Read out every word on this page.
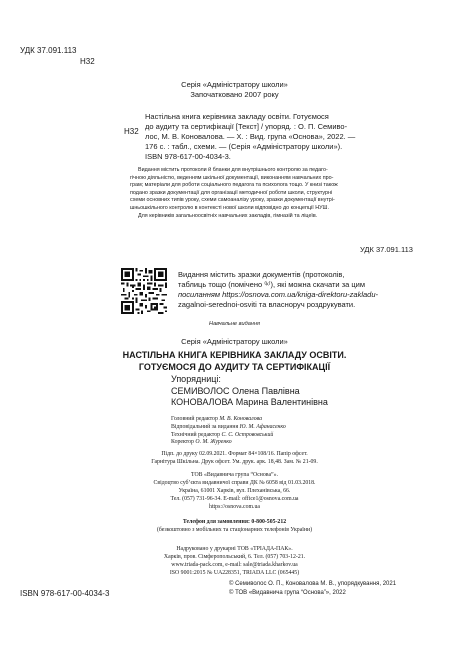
УДК 37.091.113
Н32
Серія «Адміністратору школи»
Започатковано 2007 року
Н32
Настільна книга керівника закладу освіти. Готуємося
до аудиту та сертифікації [Текст] / упоряд. : О. П. Семиво-
лос, М. В. Коновалова. — Х. : Вид. група «Основа», 2022. —
176 с. : табл., схеми. — (Серія «Адміністратору школи»).
ISBN 978-617-00-4034-3.
Видання містить протоколи й бланки для внутрішнього контролю за педаго-
гічною діяльністю, веденням шкільної документації, виконанням навчальних про-
грам; матеріали для роботи соціального педагога та психолога тощо. У книзі також
подано зразки документації для організації методичної роботи школи, структурні
схеми основних типів уроку, схеми самоаналізу уроку, зразки документації внутрі-
шньошкільного контролю в контексті нової школи відповідно до концепції НУШ.
Для керівників загальноосвітніх навчальних закладів, гімназій та ліцеїв.
УДК 37.091.113
Видання містить зразки документів (протоколів,
таблиць тощо (помічено ⁽ᵏ⁾), які можна скачати за цим
посиланням https://osnova.com.ua/kniga-direktoru-zakladu-
zagalnoi-serednoi-osviti та власноруч роздрукувати.
Навчальне видання
Серія «Адміністратору школи»
НАСТІЛЬНА КНИГА КЕРІВНИКА ЗАКЛАДУ ОСВІТИ.
ГОТУЄМОСЯ ДО АУДИТУ ТА СЕРТИФІКАЦІЇ
Упорядниці:
СЕМИВОЛОС Олена Павлівна
КОНОВАЛОВА Марина Валентинівна
Головний редактор М. В. Коновалова
Відповідальний за видання Ю. М. Афанасенко
Технічний редактор С. С. Острововський
Коректор О. М. Журенко
Підп. до друку 02.09.2021. Формат 84×108/16. Папір офсет.
Гарнітура Шкільна. Друк офсет. Ум. друк. арк. 18,48. Зам. № 21-09.
ТОВ «Видавнича група “Основа”».
Свідоцтво суб’єкта видавничої справи ДК № 6058 від 01.03.2018.
Україна, 61001 Харків, вул. Плеханівська, 66.
Тел. (057) 731-96-34. E-mail: office1@osnova.com.ua
https://osnova.com.ua
Телефон для замовлення: 0-800-505-212
(безкоштовно з мобільних та стаціонарних телефонів України)
Надруковано у друкарні ТОВ «ТРІАДА-ПАК».
Харків, пров. Сімферопольський, 6. Тел. (057) 703-12-21.
www.triada-pack.com, e-mail: sale@triada.kharkov.ua
ISO 9001:2015 № UA228351, TRIADA LLC (065445)
ISBN 978-617-00-4034-3
© Семиволос О. П., Коновалова М. В., упорядкування, 2021
© ТОВ «Видавнича група “Основа”», 2022
